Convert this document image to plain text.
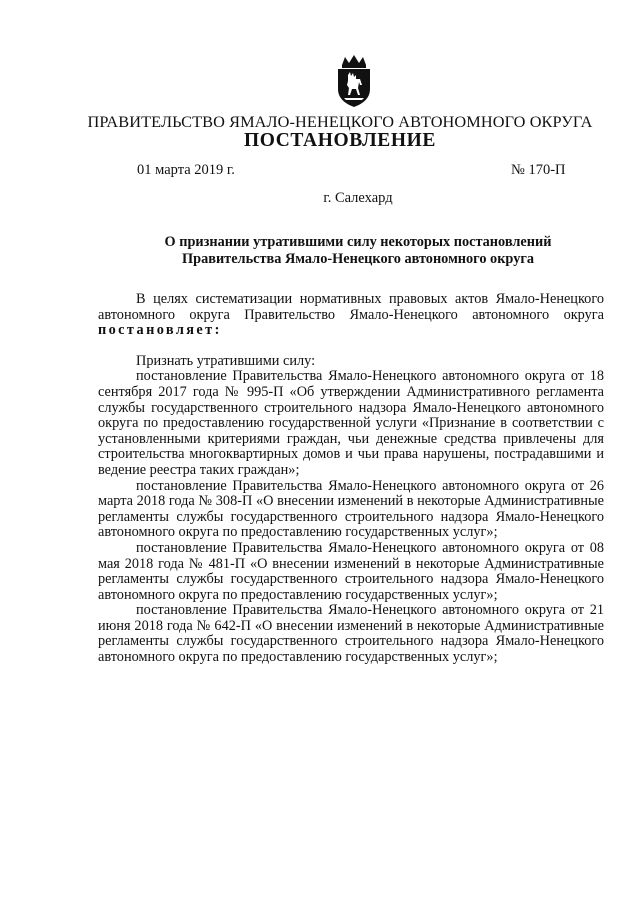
ПРАВИТЕЛЬСТВО ЯМАЛО-НЕНЕЦКОГО АВТОНОМНОГО ОКРУГА
ПОСТАНОВЛЕНИЕ
01 марта 2019 г.	№ 170-П
г. Салехард
О признании утратившими силу некоторых постановлений
Правительства Ямало-Ненецкого автономного округа

В целях систематизации нормативных правовых актов Ямало-Ненецкого автономного округа Правительство Ямало-Ненецкого автономного округа постановляет:

Признать утратившими силу:

постановление Правительства Ямало-Ненецкого автономного округа от 18 сентября 2017 года № 995-П «Об утверждении Административного регламента службы государственного строительного надзора Ямало-Ненецкого автономного округа по предоставлению государственной услуги «Признание в соответствии с установленными критериями граждан, чьи денежные средства привлечены для строительства многоквартирных домов и чьи права нарушены, пострадавшими и ведение реестра таких граждан»;

постановление Правительства Ямало-Ненецкого автономного округа от 26 марта 2018 года № 308-П «О внесении изменений в некоторые Административные регламенты службы государственного строительного надзора Ямало-Ненецкого автономного округа по предоставлению государственных услуг»;

постановление Правительства Ямало-Ненецкого автономного округа от 08 мая 2018 года № 481-П «О внесении изменений в некоторые Административные регламенты службы государственного строительного надзора Ямало-Ненецкого автономного округа по предоставлению государственных услуг»;

постановление Правительства Ямало-Ненецкого автономного округа от 21 июня 2018 года № 642-П «О внесении изменений в некоторые Административные регламенты службы государственного строительного надзора Ямало-Ненецкого автономного округа по предоставлению государственных услуг»;
